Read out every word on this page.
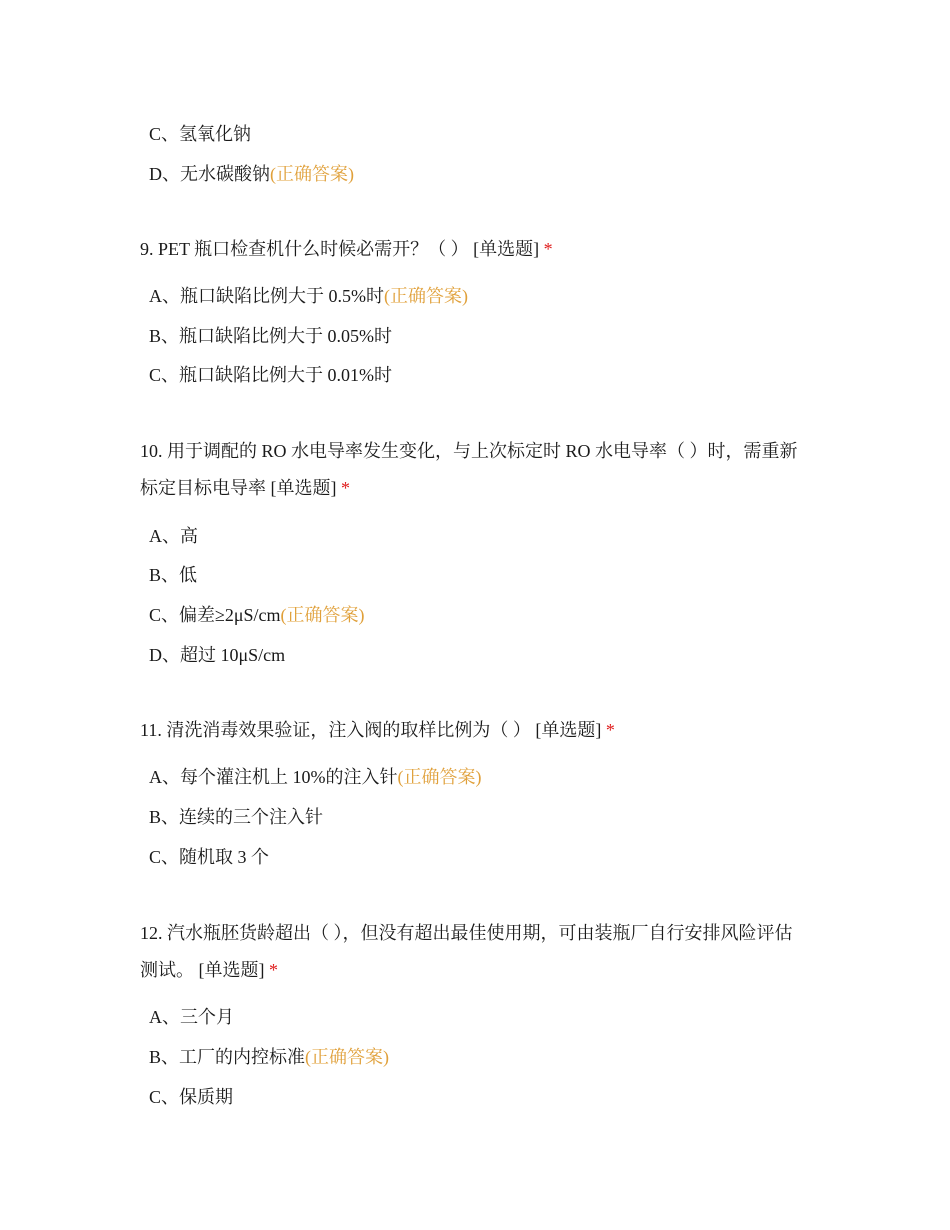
C、氢氧化钠
D、无水碳酸钠(正确答案)
9. PET 瓶口检查机什么时候必需开？（ ） [单选题] *
A、瓶口缺陷比例大于 0.5%时(正确答案)
B、瓶口缺陷比例大于 0.05%时
C、瓶口缺陷比例大于 0.01%时
10. 用于调配的 RO 水电导率发生变化，与上次标定时 RO 水电导率（ ）时，需重新标定目标电导率 [单选题] *
A、高
B、低
C、偏差≥2μS/cm(正确答案)
D、超过 10μS/cm
11. 清洗消毒效果验证，注入阀的取样比例为（ ） [单选题] *
A、每个灌注机上 10%的注入针(正确答案)
B、连续的三个注入针
C、随机取 3 个
12. 汽水瓶胚货龄超出（ ），但没有超出最佳使用期，可由装瓶厂自行安排风险评估测试。 [单选题] *
A、三个月
B、工厂的内控标准(正确答案)
C、保质期
